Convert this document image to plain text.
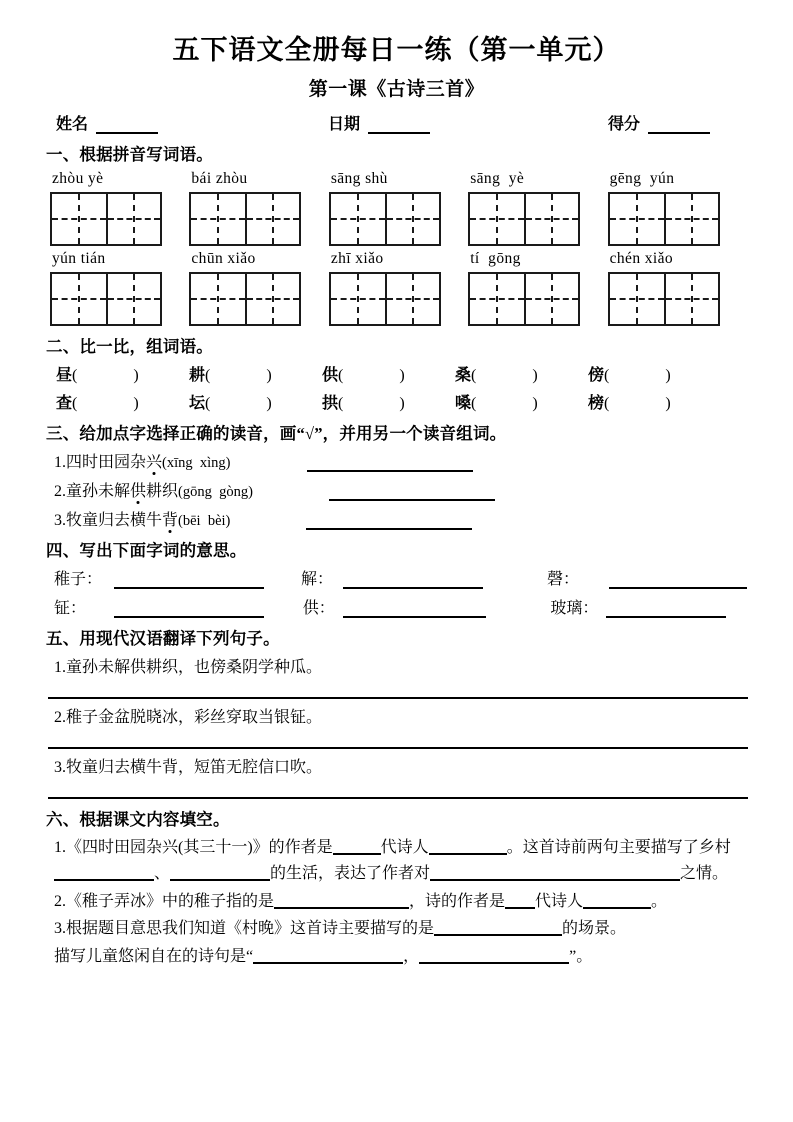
五下语文全册每日一练（第一单元）
第一课《古诗三首》
姓名	日期	得分
一、根据拼音写词语。
zhòu yè	bái zhòu	sāng shù	sāng  yè	gēng  yún
yún tián	chūn xiǎo	zhī xiǎo	tí  gōng	chén xiǎo
二、比一比，组词语。
昼(	)	耕(	)	供(	)	桑(	)	傍(	)
查(	)	坛(	)	拱(	)	嗓(	)	榜(	)
三、给加点字选择正确的读音，画“√”，并用另一个读音组词。
1.四时田园杂兴(xīng  xìng)
2.童孙未解供耕织(gōng  gòng)
3.牧童归去横牛背(bēi  bèi)
四、写出下面字词的意思。
稚子：	解：	磬：
钲：	供：	玻璃：
五、用现代汉语翻译下列句子。
1.童孙未解供耕织，也傍桑阴学种瓜。
2.稚子金盆脱晓冰，彩丝穿取当银钲。
3.牧童归去横牛背，短笛无腔信口吹。
六、根据课文内容填空。
1.《四时田园杂兴(其三十一)》的作者是	代诗人	。这首诗前两句主要描写了乡村、	的生活，表达了作者对	之情。
2.《稚子弄冰》中的稚子指的是	，诗的作者是 代诗人	。
3.根据题目意思我们知道《村晚》这首诗主要描写的是	的场景。
描写儿童悠闲自在的诗句是“	，	”。
